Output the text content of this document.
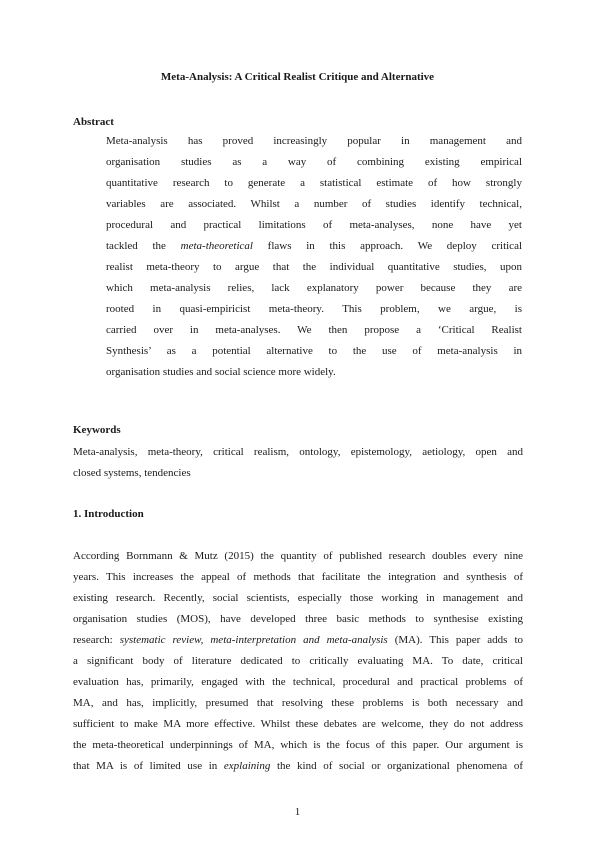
Meta-Analysis: A Critical Realist Critique and Alternative
Abstract
Meta-analysis has proved increasingly popular in management and
organisation studies as a way of combining existing empirical
quantitative research to generate a statistical estimate of how strongly
variables are associated. Whilst a number of studies identify technical,
procedural and practical limitations of meta-analyses, none have yet
tackled the meta-theoretical flaws in this approach. We deploy critical
realist meta-theory to argue that the individual quantitative studies, upon
which meta-analysis relies, lack explanatory power because they are
rooted in quasi-empiricist meta-theory. This problem, we argue, is
carried over in meta-analyses. We then propose a ‘Critical Realist
Synthesis’ as a potential alternative to the use of meta-analysis in
organisation studies and social science more widely.
Keywords
Meta-analysis, meta-theory, critical realism, ontology, epistemology, aetiology, open and
closed systems, tendencies
1. Introduction
According Bornmann & Mutz (2015) the quantity of published research doubles every nine
years. This increases the appeal of methods that facilitate the integration and synthesis of
existing research. Recently, social scientists, especially those working in management and
organisation studies (MOS), have developed three basic methods to synthesise existing
research: systematic review, meta-interpretation and meta-analysis (MA). This paper adds to
a significant body of literature dedicated to critically evaluating MA. To date, critical
evaluation has, primarily, engaged with the technical, procedural and practical problems of
MA, and has, implicitly, presumed that resolving these problems is both necessary and
sufficient to make MA more effective. Whilst these debates are welcome, they do not address
the meta-theoretical underpinnings of MA, which is the focus of this paper. Our argument is
that MA is of limited use in explaining the kind of social or organizational phenomena of
1
